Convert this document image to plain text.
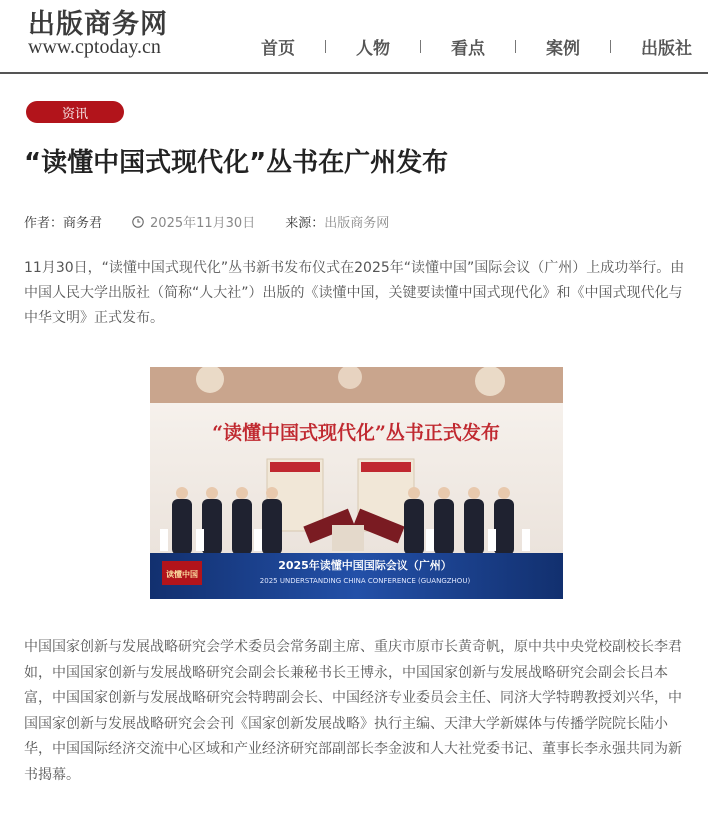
出版商务网
www.cptoday.cn	首页	人物	看点	案例	出版社
资讯
“读懂中国式现代化”丛书在广州发布
作者： 商务君	2025年11月30日 来源： 出版商务网

11月30日，“读懂中国式现代化”丛书新书发布仪式在2025年“读懂中国”国际会议（广州）上成功举行。由中国人民大学出版社（简称“人大社”）出版的《读懂中国，关键要读懂中国式现代化》和《中国式现代化与中华文明》正式发布。

“读懂中国式现代化”丛书正式发布
读懂中国
2025年读懂中国国际会议（广州）
2025 UNDERSTANDING CHINA CONFERENCE (GUANGZHOU)

中国国家创新与发展战略研究会学术委员会常务副主席、重庆市原市长黄奇帆，原中共中央党校副校长李君如，中国国家创新与发展战略研究会副会长兼秘书长王博永，中国国家创新与发展战略研究会副会长吕本富，中国国家创新与发展战略研究会特聘副会长、中国经济专业委员会主任、同济大学特聘教授刘兴华，中国国家创新与发展战略研究会会刊《国家创新发展战略》执行主编、天津大学新媒体与传播学院院长陆小华，中国国际经济交流中心区域和产业经济研究部副部长李金波和人大社党委书记、董事长李永强共同为新书揭幕。
